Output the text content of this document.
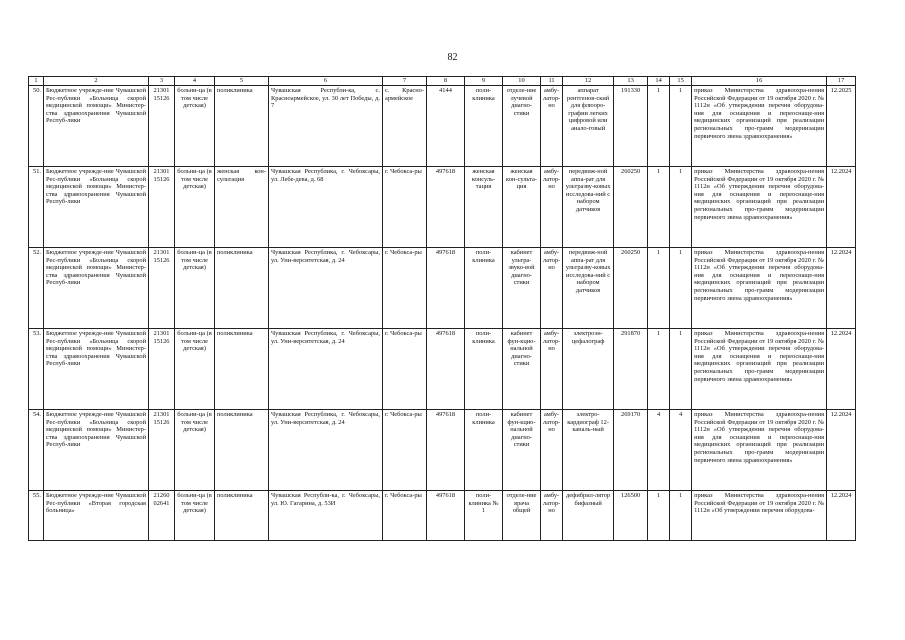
82
1	2	3	4	5	6	7	8	9	10	11	12	13	14	15	16	17
50.	Бюджетное учрежде-ние Чувашской Рес-публики «Больница скорой медицинской помощи» Министер-ства здравоохранения Чувашской Респуб-лики	21301 15126	больни-ца (в том числе детская)	поликлиника	Чувашская Республи-ка, с. Красноармейское, ул. 30 лет Победы, д. 7	с. Красно-армейское	4144	поли-клиника	отделе-ние лучевой диагно-стики	амбу-латор-но	аппарат рентгенов-ский для флюоро-графии легких цифровой или анало-говый	191330	1	1	приказ Министерства здравоохра-нения Российской Федерации от 19 октября 2020 г. № 1112н «Об утверждении перечня оборудова-ния для оснащения и переоснаще-ния медицинских организаций при реализации региональных про-грамм модернизации первичного звена здравоохранения»	12.2025
51.	Бюджетное учрежде-ние Чувашской Рес-публики «Больница скорой медицинской помощи» Министер-ства здравоохранения Чувашской Респуб-лики	21301 15126	больни-ца (в том числе детская)	женская кон-сультация	Чувашская Республика, г. Чебоксары, ул. Лебе-дева, д. 68	г. Чебокса-ры	497618	женская консуль-тация	женская кон-сульта-ция	амбу-латор-но	передвиж-ной аппа-рат для ультразву-ковых исследова-ний с набором датчиков	260250	1	1	приказ Министерства здравоохра-нения Российской Федерации от 19 октября 2020 г. № 1112н «Об утверждении перечня оборудова-ния для оснащения и переоснаще-ния медицинских организаций при реализации региональных про-грамм модернизации первичного звена здравоохранения»	12.2024
52.	Бюджетное учрежде-ние Чувашской Рес-публики «Больница скорой медицинской помощи» Министер-ства здравоохранения Чувашской Респуб-лики	21301 15126	больни-ца (в том числе детская)	поликлиника	Чувашская Республика, г. Чебоксары, ул. Уни-верситетская, д. 24	г. Чебокса-ры	497618	поли-клиника	кабинет ультра-звуко-вой диагно-стики	амбу-латор-но	передвиж-ной аппа-рат для ультразву-ковых исследова-ний с набором датчиков	260250	1	1	приказ Министерства здравоохра-нения Российской Федерации от 19 октября 2020 г. № 1112н «Об утверждении перечня оборудова-ния для оснащения и переоснаще-ния медицинских организаций при реализации региональных про-грамм модернизации первичного звена здравоохранения»	12.2024
53.	Бюджетное учрежде-ние Чувашской Рес-публики «Больница скорой медицинской помощи» Министер-ства здравоохранения Чувашской Респуб-лики	21301 15126	больни-ца (в том числе детская)	поликлиника	Чувашская Республика, г. Чебоксары, ул. Уни-верситетская, д. 24	г. Чебокса-ры	497618	поли-клиника	кабинет фун-кцио-нальной диагно-стики	амбу-латор-но	электроэн-цефалограф	291870	1	1	приказ Министерства здравоохра-нения Российской Федерации от 19 октября 2020 г. № 1112н «Об утверждении перечня оборудова-ния для оснащения и переоснаще-ния медицинских организаций при реализации региональных про-грамм модернизации первичного звена здравоохранения»	12.2024
54.	Бюджетное учрежде-ние Чувашской Рес-публики «Больница скорой медицинской помощи» Министер-ства здравоохранения Чувашской Респуб-лики	21301 15126	больни-ца (в том числе детская)	поликлиника	Чувашская Республика, г. Чебоксары, ул. Уни-верситетская, д. 24	г. Чебокса-ры	497618	поли-клиника	кабинет фун-кцио-нальной диагно-стики	амбу-латор-но	электро-кардиограф 12-каналь-ный	269170	4	4	приказ Министерства здравоохра-нения Российской Федерации от 19 октября 2020 г. № 1112н «Об утверждении перечня оборудова-ния для оснащения и переоснаще-ния медицинских организаций при реализации региональных про-грамм модернизации первичного звена здравоохранения»	12.2024
55.	Бюджетное учрежде-ние Чувашской Рес-публики «Вторая городская больница»	21260 02641	больни-ца (в том числе детская)	поликлиника	Чувашская Республи-ка, г. Чебоксары, ул. Ю. Гагарина, д. 53И	г. Чебокса-ры	497618	поли-клиника № 1	отделе-ние врача общей	амбу-латор-но	дефибрил-лятор бифазный	126500	1	1	приказ Министерства здравоохра-нения Российской Федерации от 19 октября 2020 г. № 1112н «Об утверждении перечня оборудова-	12.2024
